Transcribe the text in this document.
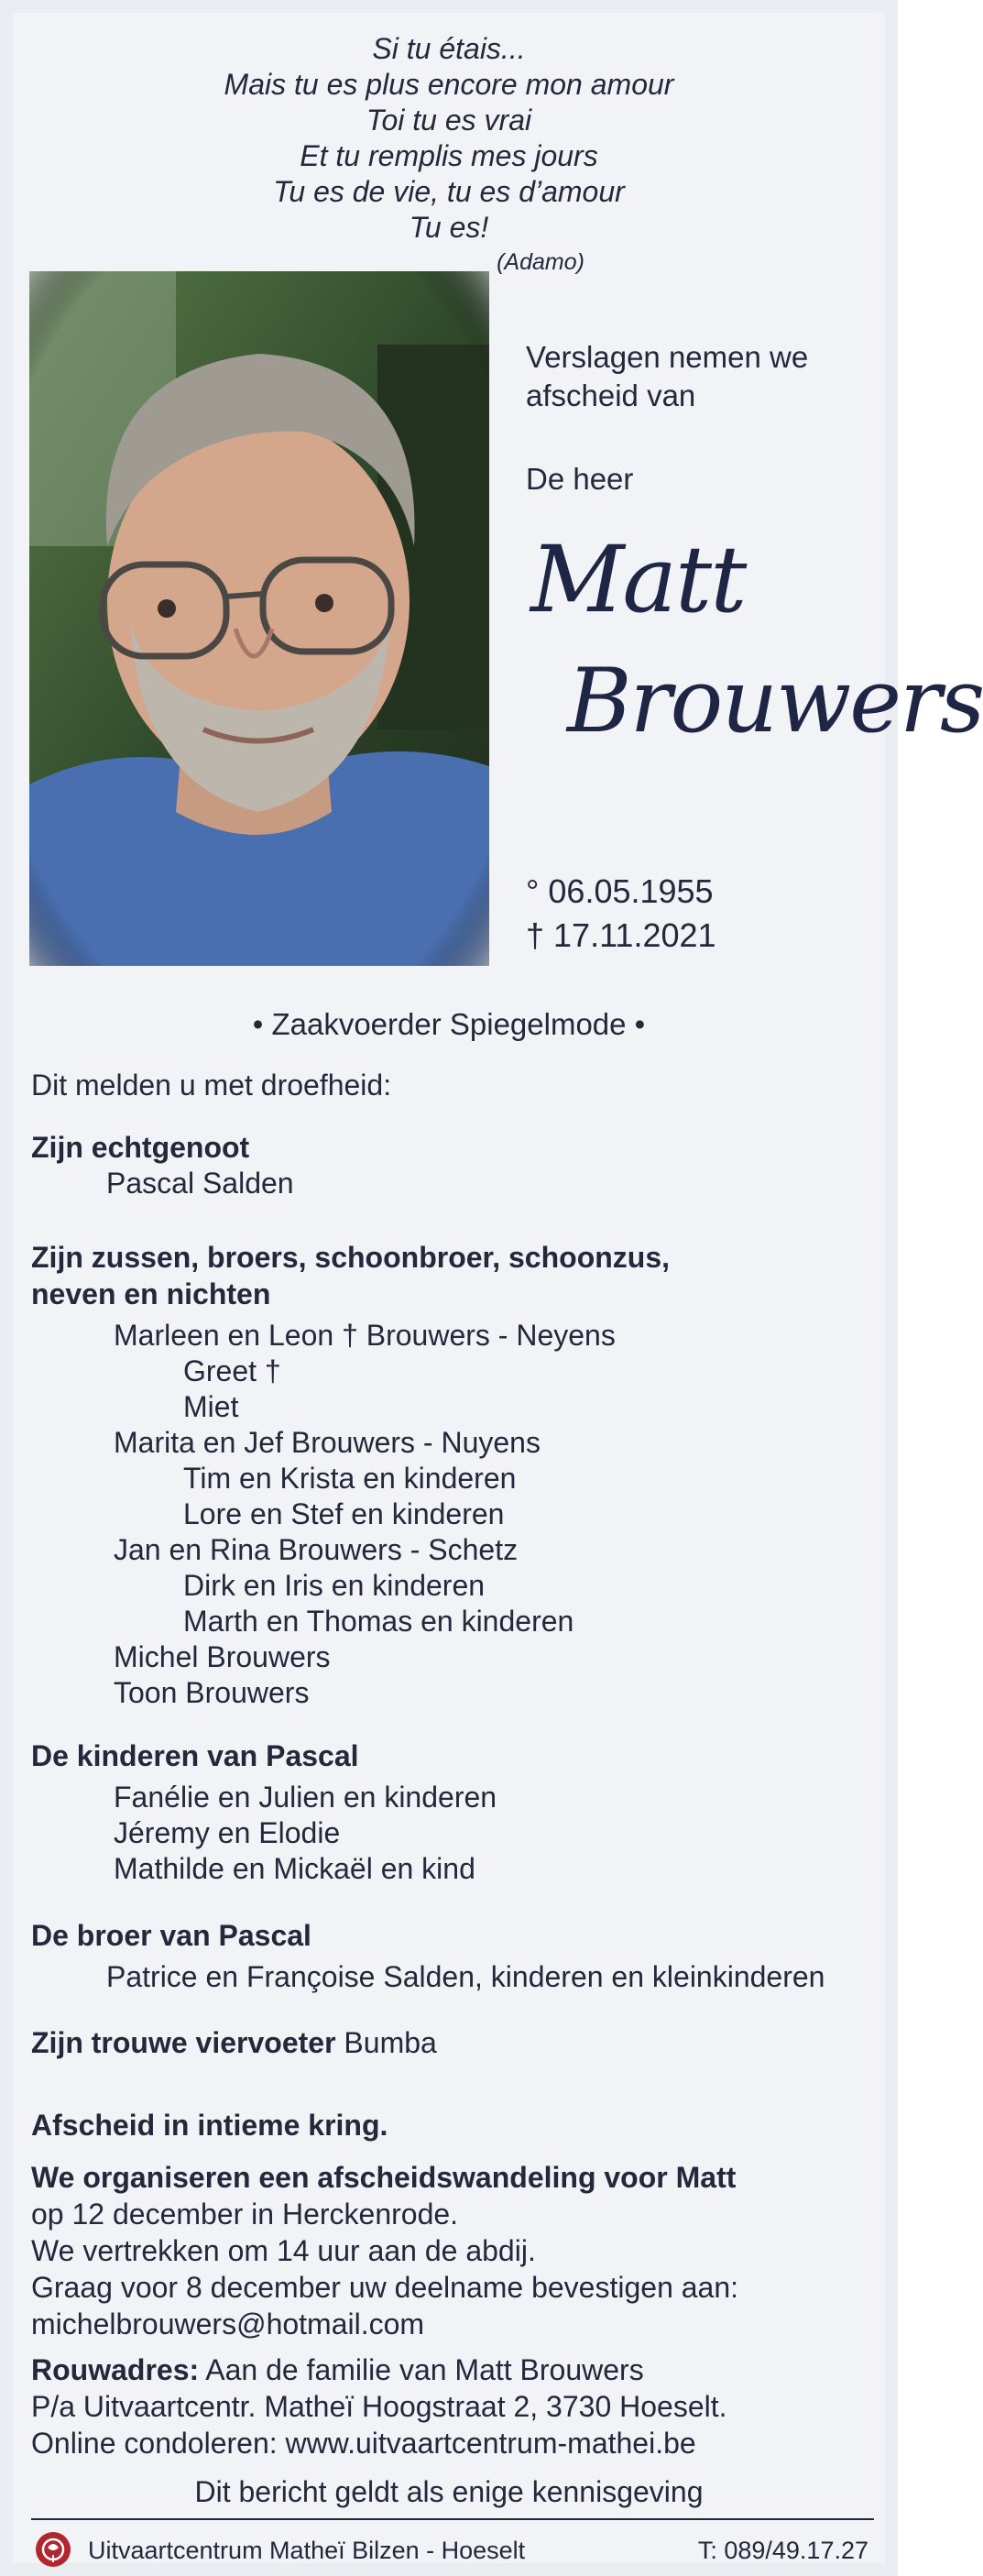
Si tu étais...
Mais tu es plus encore mon amour
Toi tu es vrai
Et tu remplis mes jours
Tu es de vie, tu es d’amour
Tu es!
(Adamo)
Verslagen nemen we
afscheid van
De heer
Matt
Brouwers
° 06.05.1955
† 17.11.2021
• Zaakvoerder Spiegelmode •
Dit melden u met droefheid:
Zijn echtgenoot
Pascal Salden
Zijn zussen, broers, schoonbroer, schoonzus,
neven en nichten
Marleen en Leon † Brouwers - Neyens
Greet †
Miet
Marita en Jef Brouwers - Nuyens
Tim en Krista en kinderen
Lore en Stef en kinderen
Jan en Rina Brouwers - Schetz
Dirk en Iris en kinderen
Marth en Thomas en kinderen
Michel Brouwers
Toon Brouwers
De kinderen van Pascal
Fanélie en Julien en kinderen
Jéremy en Elodie
Mathilde en Mickaël en kind
De broer van Pascal
Patrice en Françoise Salden, kinderen en kleinkinderen
Zijn trouwe viervoeter Bumba
Afscheid in intieme kring.
We organiseren een afscheidswandeling voor Matt
op 12 december in Herckenrode.
We vertrekken om 14 uur aan de abdij.
Graag voor 8 december uw deelname bevestigen aan:
michelbrouwers@hotmail.com
Rouwadres: Aan de familie van Matt Brouwers
P/a Uitvaartcentr. Matheï Hoogstraat 2, 3730 Hoeselt.
Online condoleren: www.uitvaartcentrum-mathei.be
Dit bericht geldt als enige kennisgeving
Uitvaartcentrum Matheï Bilzen - Hoeselt	T: 089/49.17.27
